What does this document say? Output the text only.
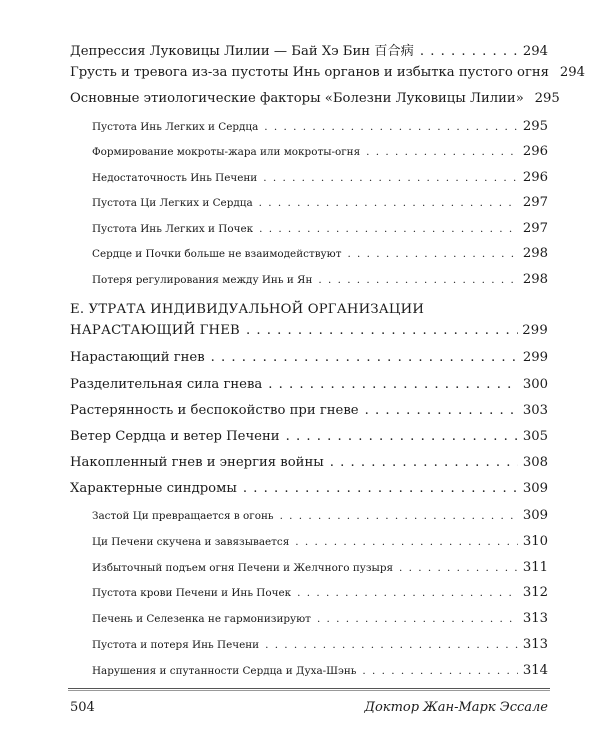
Депрессия Луковицы Лилии — Бай Хэ Бин 百合病 . . .	294
Грусть и тревога из-за пустоты Инь органов и избытка пустого огня 294
Основные этиологические факторы «Болезни Луковицы Лилии» 295
Пустота Инь Легких и Сердца . . .	295
Формирование мокроты-жара или мокроты-огня . . .	296
Недостаточность Инь Печени . . .	296
Пустота Ци Легких и Сердца . . .	297
Пустота Инь Легких и Почек . . .	297
Сердце и Почки больше не взаимодействуют . . .	298
Потеря регулирования между Инь и Ян . . .	298
Е. УТРАТА ИНДИВИДУАЛЬНОЙ ОРГАНИЗАЦИИ
НАРАСТАЮЩИЙ ГНЕВ . . .	299
Нарастающий гнев . . .	299
Разделительная сила гнева . . .	300
Растерянность и беспокойство при гневе . . .	303
Ветер Сердца и ветер Печени . . .	305
Накопленный гнев и энергия войны . . .	308
Характерные синдромы . . .	309
Застой Ци превращается в огонь . . .	309
Ци Печени скучена и завязывается . . .	310
Избыточный подъем огня Печени и Желчного пузыря . . .	311
Пустота крови Печени и Инь Почек . . .	312
Печень и Селезенка не гармонизируют . . .	313
Пустота и потеря Инь Печени . . .	313
Нарушения и спутанности Сердца и Духа-Шэнь . . .	314
504	Доктор Жан-Марк Эссале
